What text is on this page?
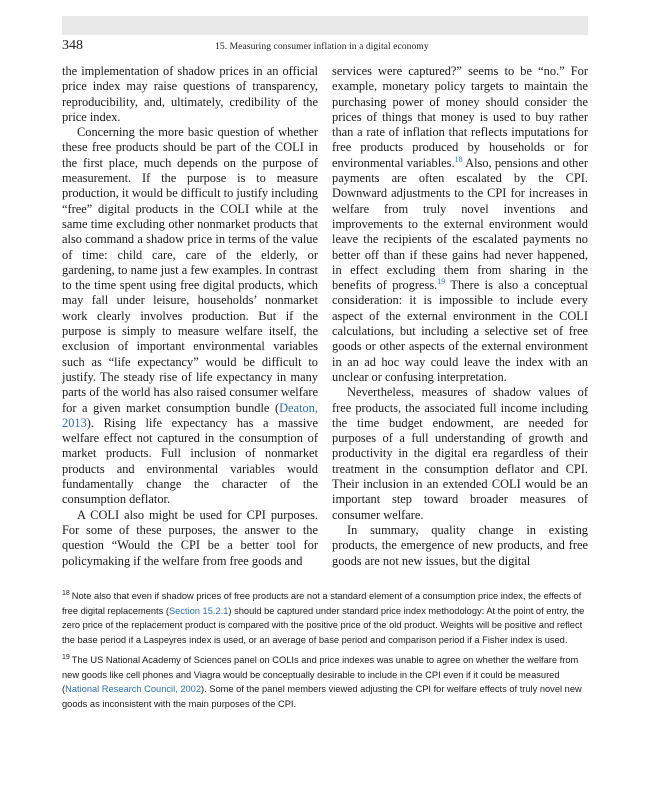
348	15. Measuring consumer inflation in a digital economy

the implementation of shadow prices in an official price index may raise questions of transparency, reproducibility, and, ultimately, credibility of the price index.

Concerning the more basic question of whether these free products should be part of the COLI in the first place, much depends on the purpose of measurement. If the purpose is to measure production, it would be difficult to justify including “free” digital products in the COLI while at the same time excluding other nonmarket products that also command a shadow price in terms of the value of time: child care, care of the elderly, or gardening, to name just a few examples. In contrast to the time spent using free digital products, which may fall under leisure, households’ nonmarket work clearly involves production. But if the purpose is simply to measure welfare itself, the exclusion of important environmental variables such as “life expectancy” would be difficult to justify. The steady rise of life expectancy in many parts of the world has also raised consumer welfare for a given market consumption bundle (Deaton, 2013). Rising life expectancy has a massive welfare effect not captured in the consumption of market products. Full inclusion of nonmarket products and environmental variables would fundamentally change the character of the consumption deflator.

A COLI also might be used for CPI purposes. For some of these purposes, the answer to the question “Would the CPI be a better tool for policymaking if the welfare from free goods and

services were captured?” seems to be “no.” For example, monetary policy targets to maintain the purchasing power of money should consider the prices of things that money is used to buy rather than a rate of inflation that reflects imputations for free products produced by households or for environmental variables.$^{18}$ Also, pensions and other payments are often escalated by the CPI. Downward adjustments to the CPI for increases in welfare from truly novel inventions and improvements to the external environment would leave the recipients of the escalated payments no better off than if these gains had never happened, in effect excluding them from sharing in the benefits of progress.$^{19}$ There is also a conceptual consideration: it is impossible to include every aspect of the external environment in the COLI calculations, but including a selective set of free goods or other aspects of the external environment in an ad hoc way could leave the index with an unclear or confusing interpretation.

Nevertheless, measures of shadow values of free products, the associated full income including the time budget endowment, are needed for purposes of a full understanding of growth and productivity in the digital era regardless of their treatment in the consumption deflator and CPI. Their inclusion in an extended COLI would be an important step toward broader measures of consumer welfare.

In summary, quality change in existing products, the emergence of new products, and free goods are not new issues, but the digital

$^{18}$ Note also that even if shadow prices of free products are not a standard element of a consumption price index, the effects of free digital replacements (Section 15.2.1) should be captured under standard price index methodology: At the point of entry, the zero price of the replacement product is compared with the positive price of the old product. Weights will be positive and reflect the base period if a Laspeyres index is used, or an average of base period and comparison period if a Fisher index is used.

$^{19}$ The US National Academy of Sciences panel on COLIs and price indexes was unable to agree on whether the welfare from new goods like cell phones and Viagra would be conceptually desirable to include in the CPI even if it could be measured (National Research Council, 2002). Some of the panel members viewed adjusting the CPI for welfare effects of truly novel new goods as inconsistent with the main purposes of the CPI.
